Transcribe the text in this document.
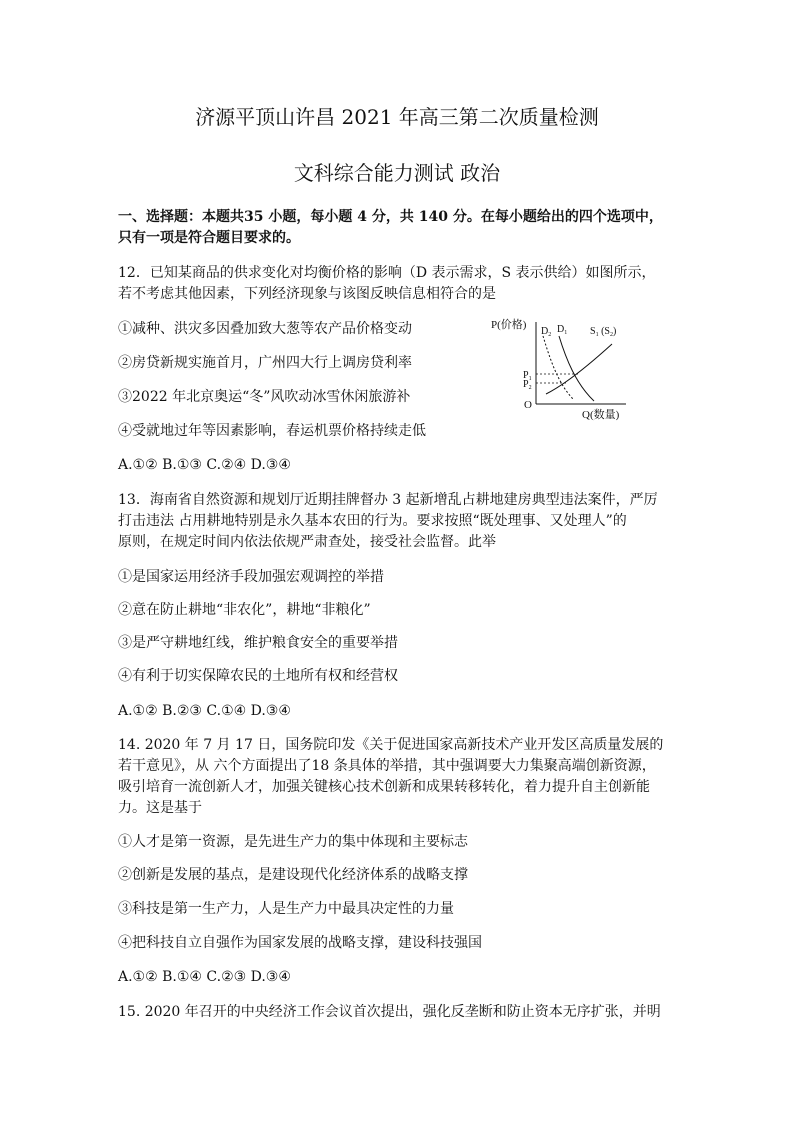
济源平顶山许昌 2021 年高三第二次质量检测
文科综合能力测试 政治
一、选择题：本题共35 小题，每小题 4 分，共 140 分。在每小题给出的四个选项中，
只有一项是符合题目要求的。
12．已知某商品的供求变化对均衡价格的影响（D 表示需求，S 表示供给）如图所示，
若不考虑其他因素，下列经济现象与该图反映信息相符合的是
①减种、洪灾多因叠加致大葱等农产品价格变动
②房贷新规实施首月，广州四大行上调房贷利率
③2022 年北京奥运“冬”风吹动冰雪休闲旅游补
④受就地过年等因素影响，春运机票价格持续走低
A.①② B.①③ C.②④ D.③④
P(价格)
Q(数量)
O
$P_1$
$P_2$
$D_2$ $D_1$ $S_1$ $(S_2)$
13．海南省自然资源和规划厅近期挂牌督办 3 起新增乱占耕地建房典型违法案件，严厉
打击违法 占用耕地特别是永久基本农田的行为。要求按照“既处理事、又处理人”的
原则，在规定时间内依法依规严肃查处，接受社会监督。此举
①是国家运用经济手段加强宏观调控的举措
②意在防止耕地“非农化”，耕地“非粮化”
③是严守耕地红线，维护粮食安全的重要举措
④有利于切实保障农民的土地所有权和经营权
A.①② B.②③ C.①④ D.③④
14. 2020 年 7 月 17 日，国务院印发《关于促进国家高新技术产业开发区高质量发展的
若干意见》，从 六个方面提出了18 条具体的举措，其中强调要大力集聚高端创新资源，
吸引培育一流创新人才，加强关键核心技术创新和成果转移转化，着力提升自主创新能
力。这是基于
①人才是第一资源，是先进生产力的集中体现和主要标志
②创新是发展的基点，是建设现代化经济体系的战略支撑
③科技是第一生产力，人是生产力中最具决定性的力量
④把科技自立自强作为国家发展的战略支撑，建设科技强国
A.①② B.①④ C.②③ D.③④
15. 2020 年召开的中央经济工作会议首次提出，强化反垄断和防止资本无序扩张，并明
